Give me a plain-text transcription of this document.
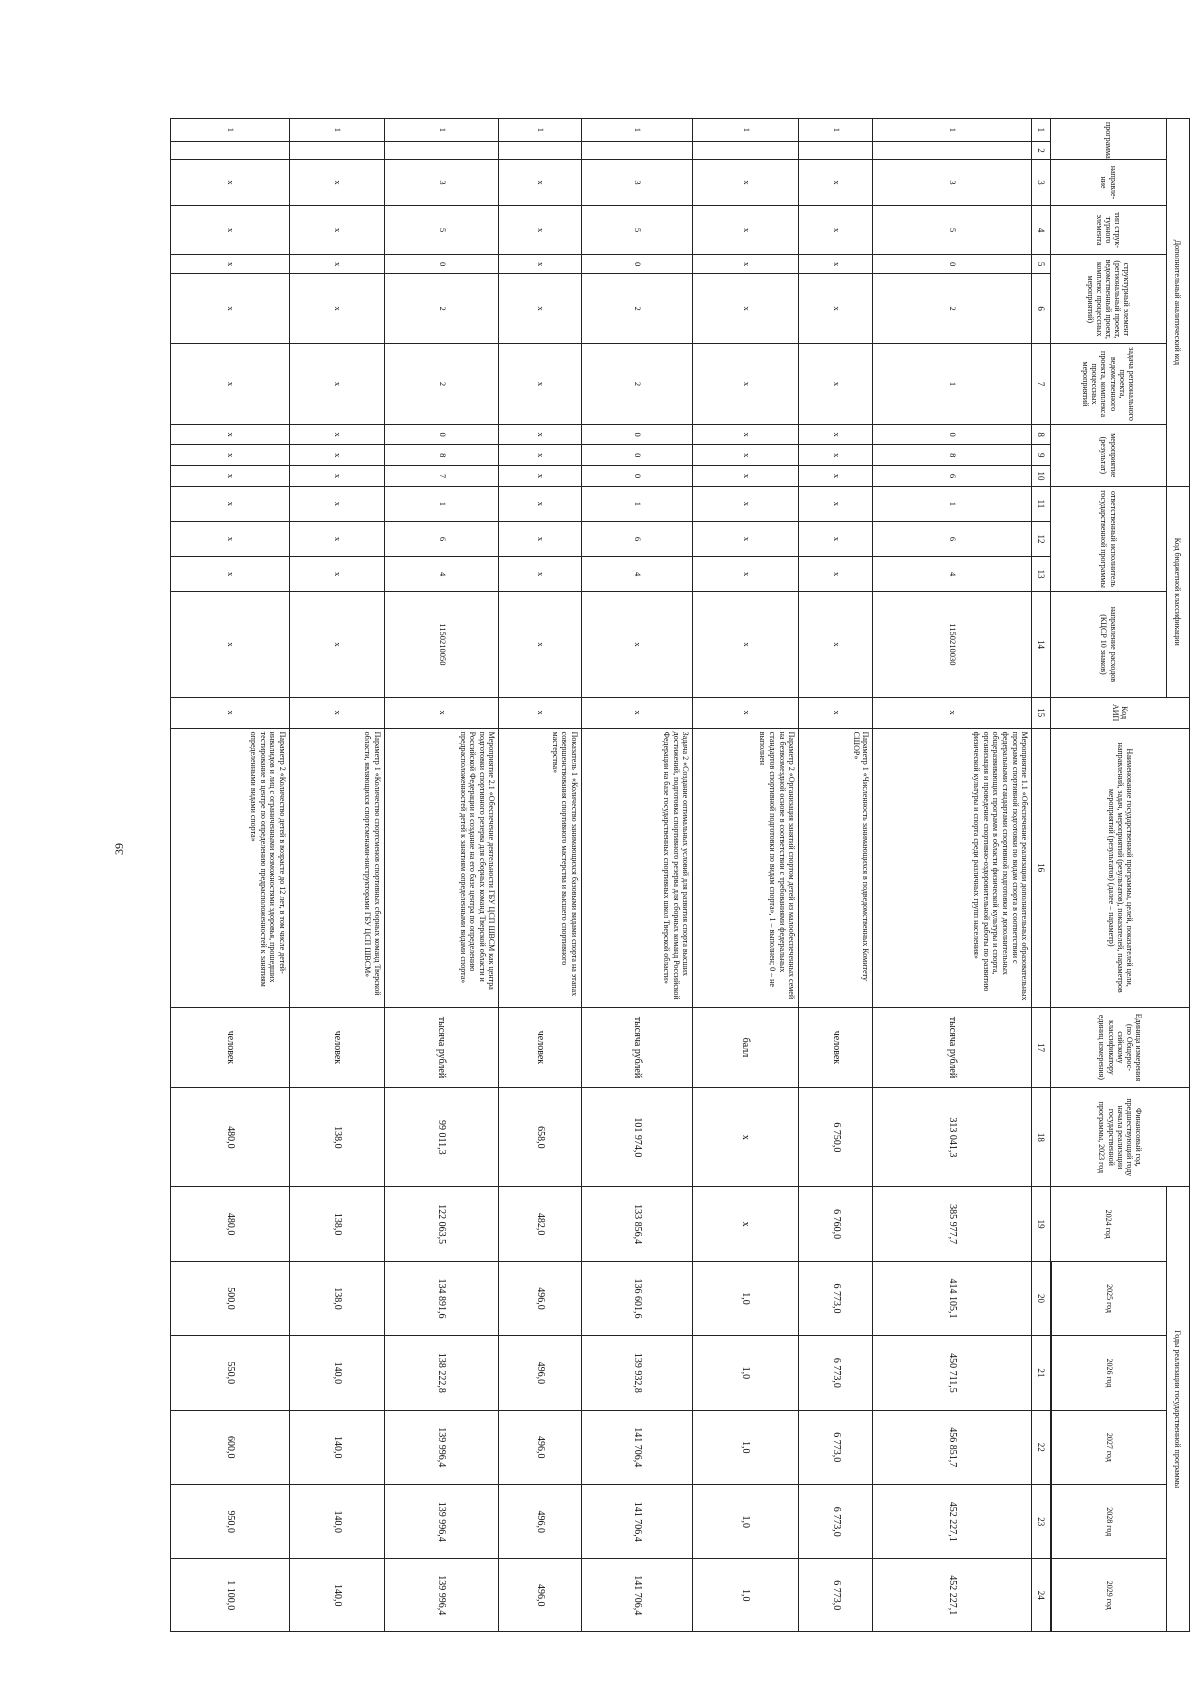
39
Дополнительный аналитический код										Код бюджетной классификации				Код АИП	Наименование государственной программы, целей, показателей цели, направлений, задач, мероприятий (результатов), показателей, параметров мероприятий (результатов) (далее – параметр)	Единица измерения (по Общерос-сийскому классификатору единиц измерения)	Финансовый год, предшествующий году начала реализации государственной программы, 2023 год	Годы реализации государственной программы					
программа		направле-ние	тип струк-турного элемента	структурный элемент (региональный проект, ведомственный проект, комплекс процессных мероприятий)		задача регионального проекта, ведомственного проекта, комплекса процессных мероприятий	мероприятие (результат)			ответственный исполнитель государственной программы			направление расходов (КЦСР 10 знаков)					2024 год	2025 год	2026 год	2027 год	2028 год	2029 год

1	2	3	4	5	6	7	8	9	10	11	12	13	14	15	16	17	18	19	20	21	22	23	24
1		3	5	0	2	1	0	8	6	1	6	4	1150210030	х	Мероприятие 1.1 «Обеспечение реализации дополнительных образовательных программ спортивной подготовки по видам спорта в соответствии с федеральными стандартами спортивной подготовки и дополнительных общеразвивающих программ в области физической культуры и спорта, организация и проведение спортивно-оздоровительной работы по развитию физической культуры и спорта среди различных групп населения»	тысяча рублей	313 041,3	385 977,7	414 105,1	450 711,5	456 851,7	452 227,1	452 227,1
1		х	х	х	х	х	х	х	х	х	х	х	х	х	Параметр 1 «Численность занимающихся в подведомственных Комитету СШОР»	человек	6 750,0	6 760,0	6 773,0	6 773,0	6 773,0	6 773,0	6 773,0
1		х	х	х	х	х	х	х	х	х	х	х	х	х	Параметр 2 «Организация занятий спортом детей из малообеспеченных семей на безвозмездной основе в соответствии с требованиями федеральных стандартов спортивной подготовки по видам спорта», 1 – выполнен; 0 – не выполнен	балл	х	х	1,0	1,0	1,0	1,0	1,0
1		3	5	0	2	2	0	0	0	1	6	4	х	х	Задача 2 «Создание оптимальных условий для развития спорта высших достижений, подготовка спортивного резерва для сборных команд Российской Федерации на базе государственных спортивных школ Тверской области»	тысяча рублей	101 974,0	133 856,4	136 601,6	139 932,8	141 706,4	141 706,4	141 706,4
1		х	х	х	х	х	х	х	х	х	х	х	х	х	Показатель 1 «Количество занимающихся базовыми видами спорта на этапах совершенствования спортивного мастерства и высшего спортивного мастерства»	человек	658,0	482,0	496,0	496,0	496,0	496,0	496,0
1		3	5	0	2	2	0	8	7	1	6	4	1150210050	х	Мероприятие 2.1 «Обеспечение деятельности ГБУ ЦСП ШВСМ как центра подготовки спортивного резерва для сборных команд Тверской области и Российской Федерации и создание на его базе центра по определению предрасположенностей детей к занятиям определенными видами спорта»	тысяча рублей	99 011,3	122 063,5	134 891,6	138 222,8	139 996,4	139 996,4	139 996,4
1		х	х	х	х	х	х	х	х	х	х	х	х	х	Параметр 1 «Количество спортсменов спортивных сборных команд Тверской области, являющихся спортсменами-инструкторами ГБУ ЦСП ШВСМ»	человек	138,0	138,0	138,0	140,0	140,0	140,0	140,0
1		х	х	х	х	х	х	х	х	х	х	х	х	х	Параметр 2 «Количество детей в возрасте до 12 лет, в том числе детей-инвалидов и лиц с ограниченными возможностями здоровья, прошедших тестирование в центре по определению предрасположенностей к занятиям определенными видами спорта»	человек	480,0	480,0	500,0	550,0	600,0	950,0	1 100,0
